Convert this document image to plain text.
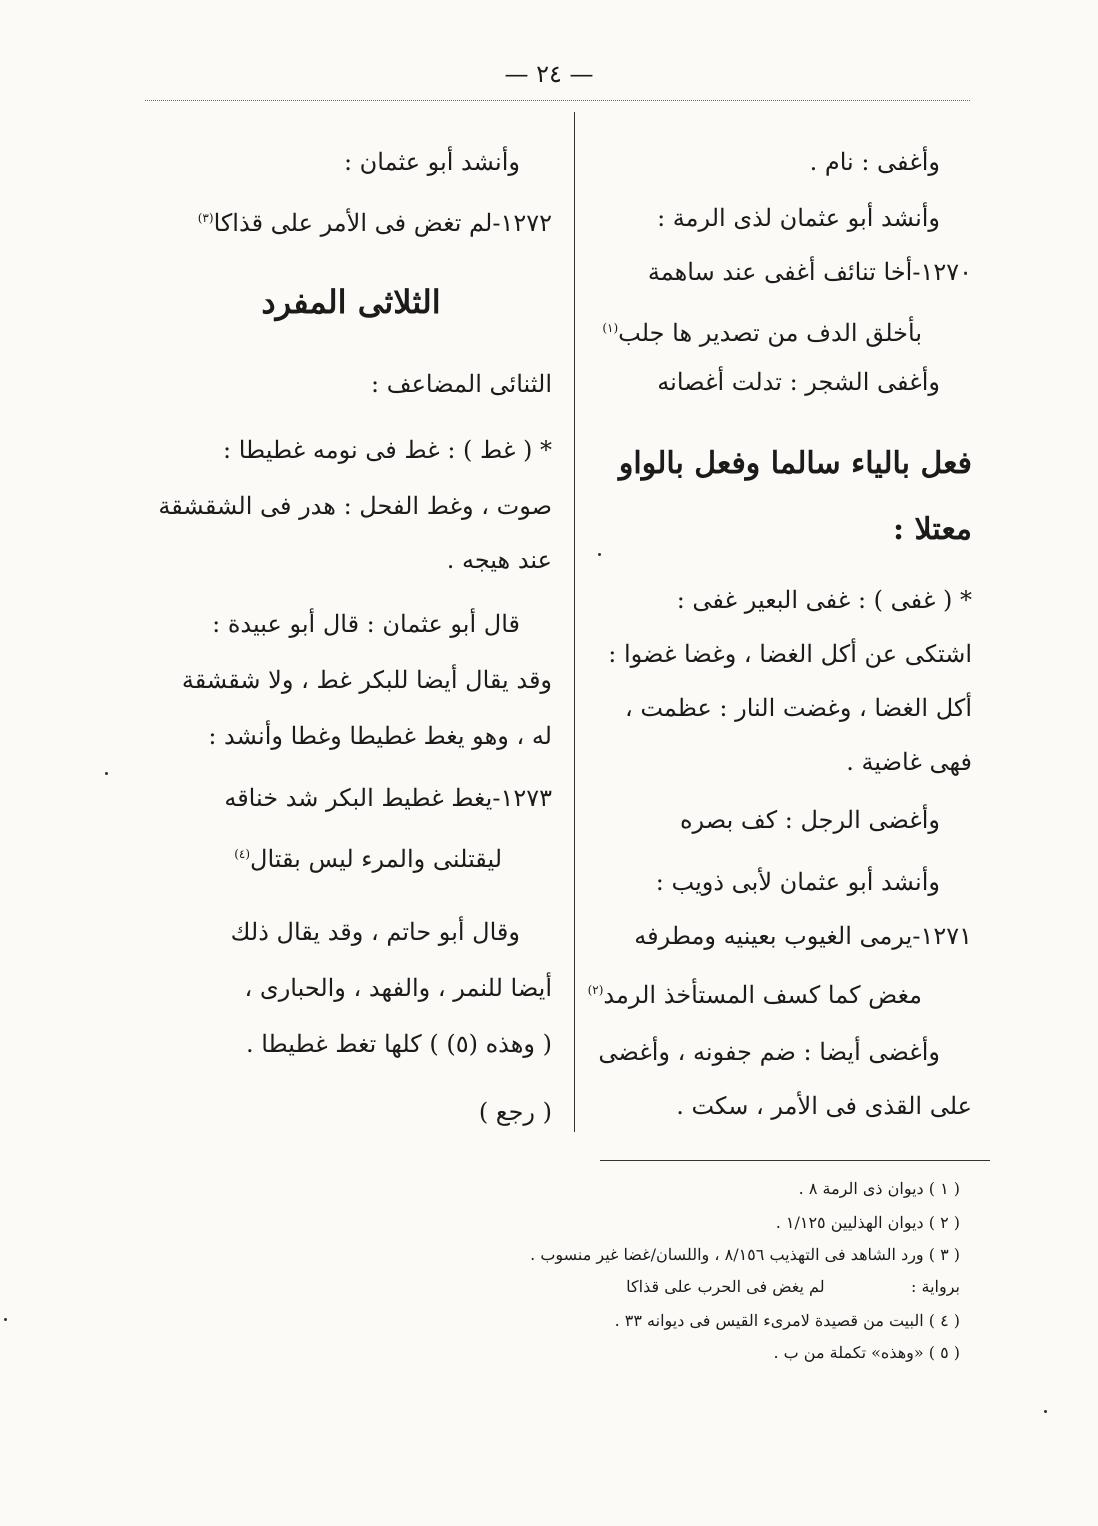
— ٢٤ —
وأغفى : نام .
وأنشد أبو عثمان لذى الرمة :
١٢٧٠-أخا تنائف أغفى عند ساهمة
بأخلق الدف من تصدير ها جلب$^{(١)}$
وأغفى الشجر : تدلت أغصانه
فعل بالياء سالما وفعل بالواو
معتلا :
* ( غفى ) : غفى البعير غفى :
اشتكى عن أكل الغضا ، وغضا غضوا :
أكل الغضا ، وغضت النار : عظمت ،
فهى غاضية .
وأغضى الرجل : كف بصره
وأنشد أبو عثمان لأبى ذويب :
١٢٧١-يرمى الغيوب بعينيه ومطرفه
مغض كما كسف المستأخذ الرمد$^{(٢)}$
وأغضى أيضا : ضم جفونه ، وأغضى
على القذى فى الأمر ، سكت .
وأنشد أبو عثمان :
١٢٧٢-لم تغض فى الأمر على قذاكا$^{(٣)}$
الثلاثى المفرد
الثنائى المضاعف :
* ( غط ) : غط فى نومه غطيطا :
صوت ، وغط الفحل : هدر فى الشقشقة
عند هيجه .
قال أبو عثمان : قال أبو عبيدة :
وقد يقال أيضا للبكر غط ، ولا شقشقة
له ، وهو يغط غطيطا وغطا وأنشد :
١٢٧٣-يغط غطيط البكر شد خناقه
ليقتلنى والمرء ليس بقتال$^{(٤)}$
وقال أبو حاتم ، وقد يقال ذلك
أيضا للنمر ، والفهد ، والحبارى ،
( وهذه (٥) ) كلها تغط غطيطا .
( رجع )
( ١ ) ديوان ذى الرمة ٨ .
( ٢ ) ديوان الهذليين ١/١٢٥ .
( ٣ ) ورد الشاهد فى التهذيب ٨/١٥٦ ، واللسان/غضا غير منسوب .
برواية :                 لم يغض فى الحرب على قذاكا
( ٤ ) البيت من قصيدة لامرىء القيس فى ديوانه ٣٣ .
( ٥ ) «وهذه» تكملة من ب .
